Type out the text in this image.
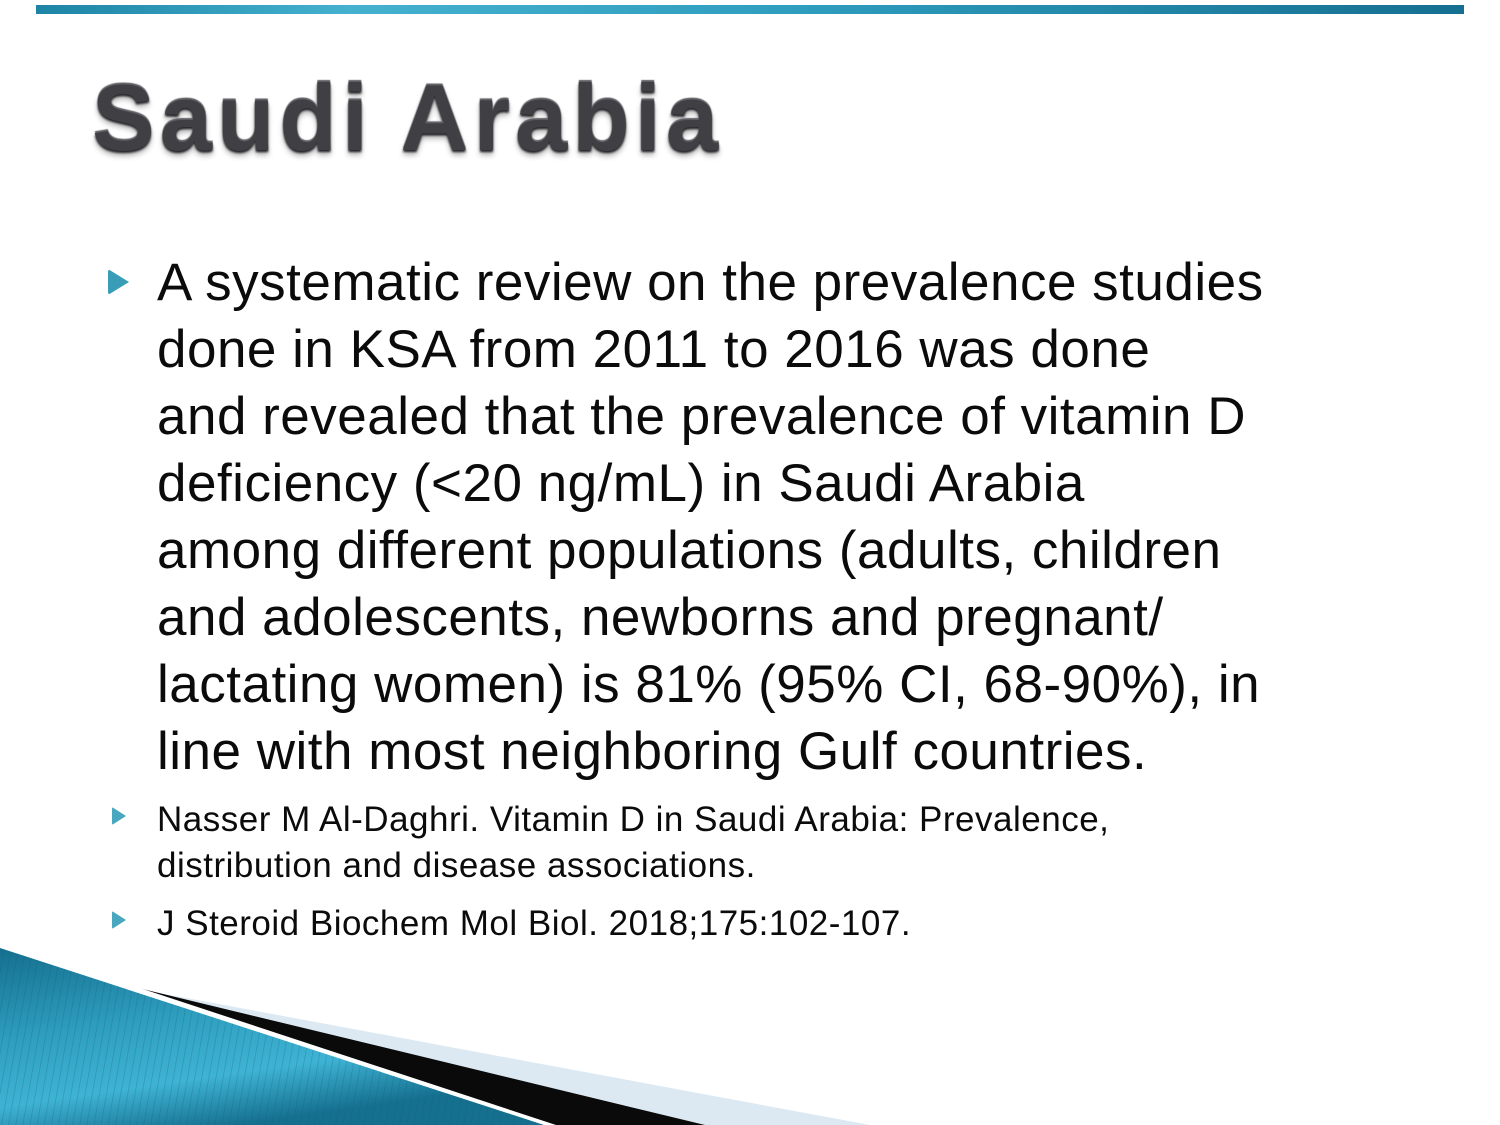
Saudi Arabia
A systematic review on the prevalence studies
done in KSA from 2011 to 2016 was done
and revealed that the prevalence of vitamin D
deficiency (<20 ng/mL) in Saudi Arabia
among different populations (adults, children
and adolescents, newborns and pregnant/
lactating women) is 81% (95% CI, 68-90%), in
line with most neighboring Gulf countries.
Nasser M Al-Daghri. Vitamin D in Saudi Arabia: Prevalence,
distribution and disease associations.
J Steroid Biochem Mol Biol. 2018;175:102-107.
